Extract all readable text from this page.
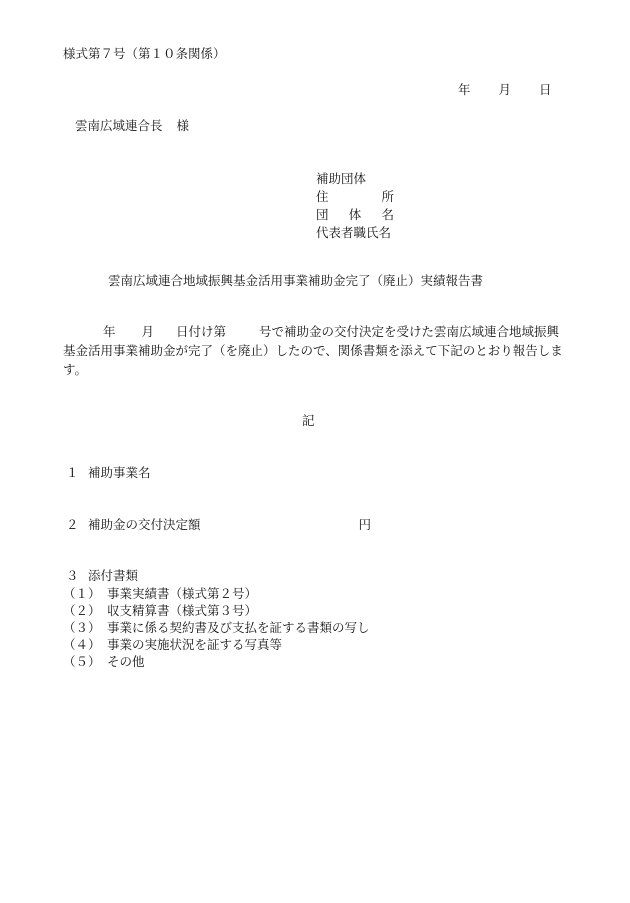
様式第７号（第１０条関係）
年 月 日
雲南広域連合長 様
補助団体
住所
団体名
代表者職氏名
雲南広域連合地域振興基金活用事業補助金完了（廃止）実績報告書
年 月 日付け第	号で補助金の交付決定を受けた雲南広域連合地域振興基金活用事業補助金が完了（を廃止）したので、関係書類を添えて下記のとおり報告します。
記
１ 補助事業名
２ 補助金の交付決定額	円
３ 添付書類
（１） 事業実績書（様式第２号）
（２） 収支精算書（様式第３号）
（３） 事業に係る契約書及び支払を証する書類の写し
（４） 事業の実施状況を証する写真等
（５） その他
